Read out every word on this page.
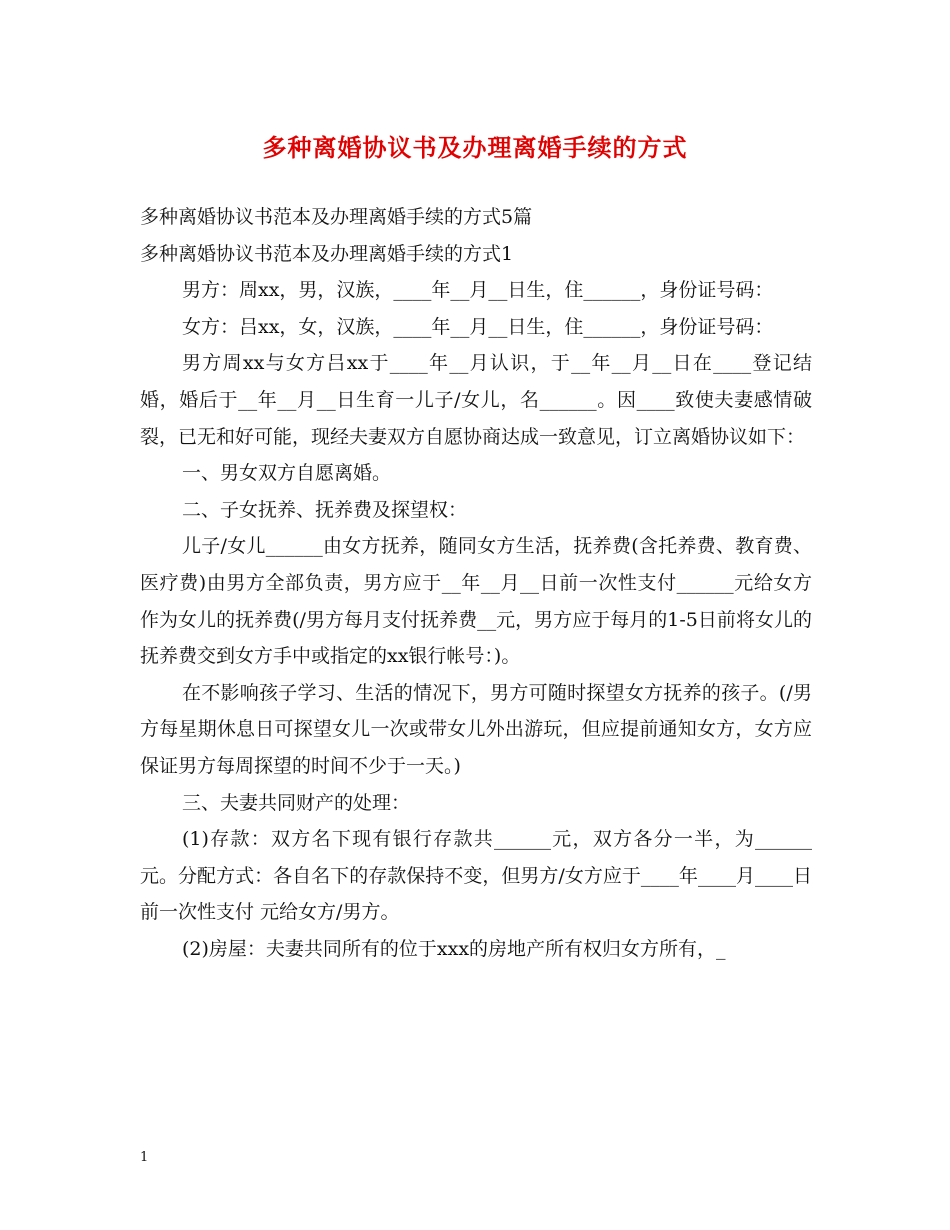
多种离婚协议书及办理离婚手续的方式

多种离婚协议书范本及办理离婚手续的方式5篇

多种离婚协议书范本及办理离婚手续的方式1

男方：周xx，男，汉族，____年__月__日生，住______，身份证号码：

女方：吕xx，女，汉族，____年__月__日生，住______，身份证号码：

男方周xx与女方吕xx于____年__月认识，于__年__月__日在____登记结婚，婚后于__年__月__日生育一儿子/女儿，名______。因____致使夫妻感情破裂，已无和好可能，现经夫妻双方自愿协商达成一致意见，订立离婚协议如下：

一、男女双方自愿离婚。

二、子女抚养、抚养费及探望权：

儿子/女儿______由女方抚养，随同女方生活，抚养费(含托养费、教育费、医疗费)由男方全部负责，男方应于__年__月__日前一次性支付______元给女方作为女儿的抚养费(/男方每月支付抚养费__元，男方应于每月的1-5日前将女儿的抚养费交到女方手中或指定的xx银行帐号：)。

在不影响孩子学习、生活的情况下，男方可随时探望女方抚养的孩子。(/男方每星期休息日可探望女儿一次或带女儿外出游玩，但应提前通知女方，女方应保证男方每周探望的时间不少于一天。)

三、夫妻共同财产的处理：

(1)存款：双方名下现有银行存款共______元，双方各分一半，为______元。分配方式：各自名下的存款保持不变，但男方/女方应于____年____月____日前一次性支付 元给女方/男方。

(2)房屋：夫妻共同所有的位于xxx的房地产所有权归女方所有，_

1
